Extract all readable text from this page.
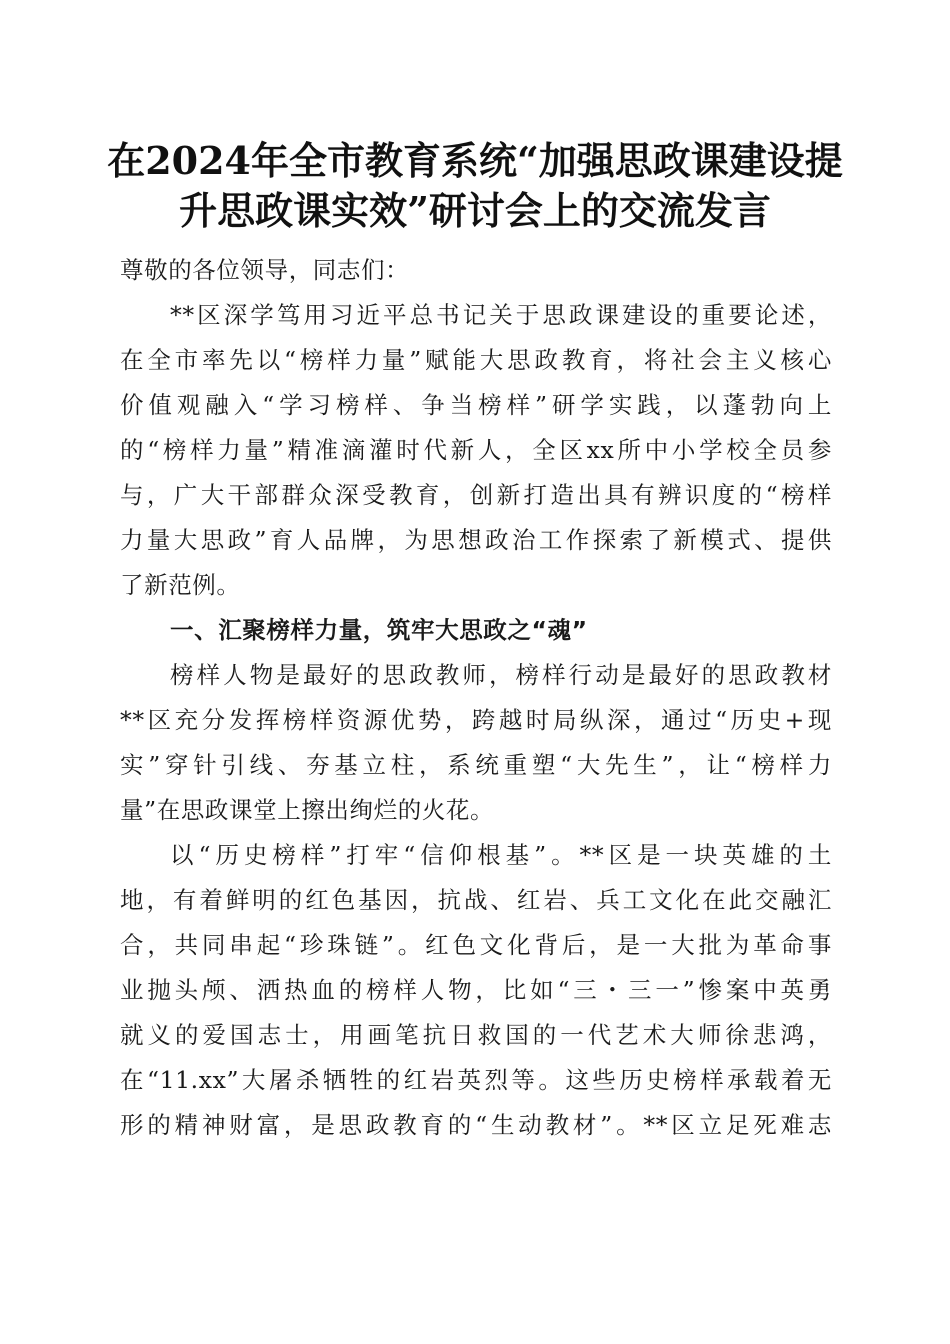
在2024年全市教育系统“加强思政课建设提
升思政课实效”研讨会上的交流发言
尊敬的各位领导，同志们：
**区深学笃用习近平总书记关于思政课建设的重要论述，
在全市率先以“榜样力量”赋能大思政教育，将社会主义核心
价值观融入“学习榜样、争当榜样”研学实践，以蓬勃向上
的“榜样力量”精准滴灌时代新人，全区xx所中小学校全员参
与，广大干部群众深受教育，创新打造出具有辨识度的“榜样
力量大思政”育人品牌，为思想政治工作探索了新模式、提供
了新范例。
一、汇聚榜样力量，筑牢大思政之“魂”
榜样人物是最好的思政教师，榜样行动是最好的思政教材
**区充分发挥榜样资源优势，跨越时局纵深，通过“历史+现
实”穿针引线、夯基立柱，系统重塑“大先生”，让“榜样力
量”在思政课堂上擦出绚烂的火花。
以“历史榜样”打牢“信仰根基”。**区是一块英雄的土
地，有着鲜明的红色基因，抗战、红岩、兵工文化在此交融汇
合，共同串起“珍珠链”。红色文化背后，是一大批为革命事
业抛头颅、洒热血的榜样人物，比如“三・三一”惨案中英勇
就义的爱国志士，用画笔抗日救国的一代艺术大师徐悲鸿，
在“11.xx”大屠杀牺牲的红岩英烈等。这些历史榜样承载着无
形的精神财富，是思政教育的“生动教材”。**区立足死难志
